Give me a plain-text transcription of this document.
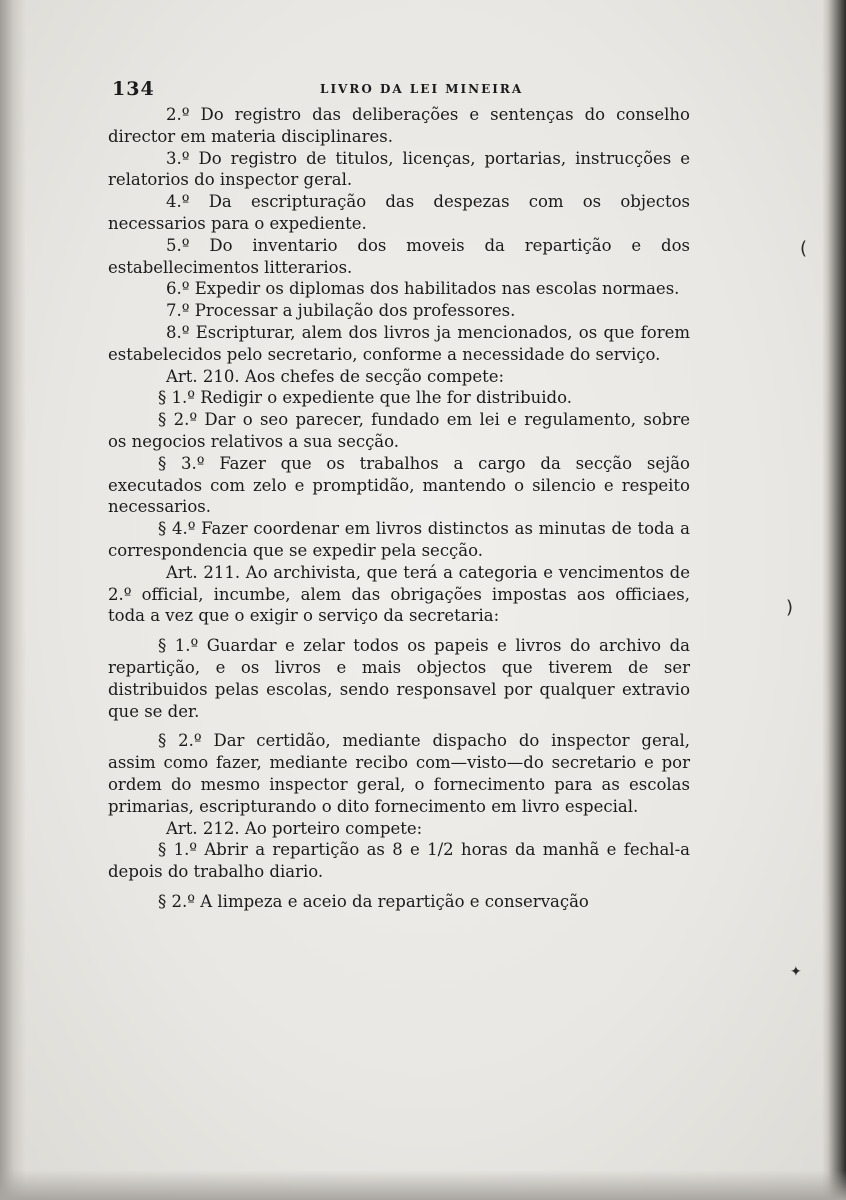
134	LIVRO DA LEI MINEIRA

2.º Do registro das deliberações e sentenças do conselho director em materia disciplinares.

3.º Do registro de titulos, licenças, portarias, instrucções e relatorios do inspector geral.

4.º Da escripturação das despezas com os objectos necessarios para o expediente.

5.º Do inventario dos moveis da repartição e dos estabellecimentos litterarios.

6.º Expedir os diplomas dos habilitados nas escolas normaes.

7.º Processar a jubilação dos professores.

8.º Escripturar, alem dos livros ja mencionados, os que forem estabelecidos pelo secretario, conforme a necessidade do serviço.

Art. 210. Aos chefes de secção compete:

§ 1.º Redigir o expediente que lhe for distribuido.

§ 2.º Dar o seo parecer, fundado em lei e regulamento, sobre os negocios relativos a sua secção.

§ 3.º Fazer que os trabalhos a cargo da secção sejão executados com zelo e promptidão, mantendo o silencio e respeito necessarios.

§ 4.º Fazer coordenar em livros distinctos as minutas de toda a correspondencia que se expedir pela secção.

Art. 211. Ao archivista, que terá a categoria e vencimentos de 2.º official, incumbe, alem das obrigações impostas aos officiaes, toda a vez que o exigir o serviço da secretaria:

§ 1.º Guardar e zelar todos os papeis e livros do archivo da repartição, e os livros e mais objectos que tiverem de ser distribuidos pelas escolas, sendo responsavel por qualquer extravio que se der.

§ 2.º Dar certidão, mediante dispacho do inspector geral, assim como fazer, mediante recibo com—visto—do secretario e por ordem do mesmo inspector geral, o fornecimento para as escolas primarias, escripturando o dito fornecimento em livro especial.

Art. 212. Ao porteiro compete:

§ 1.º Abrir a repartição as 8 e 1/2 horas da manhã e fechal-a depois do trabalho diario.

§ 2.º A limpeza e aceio da repartição e conservação

)
(
✦
